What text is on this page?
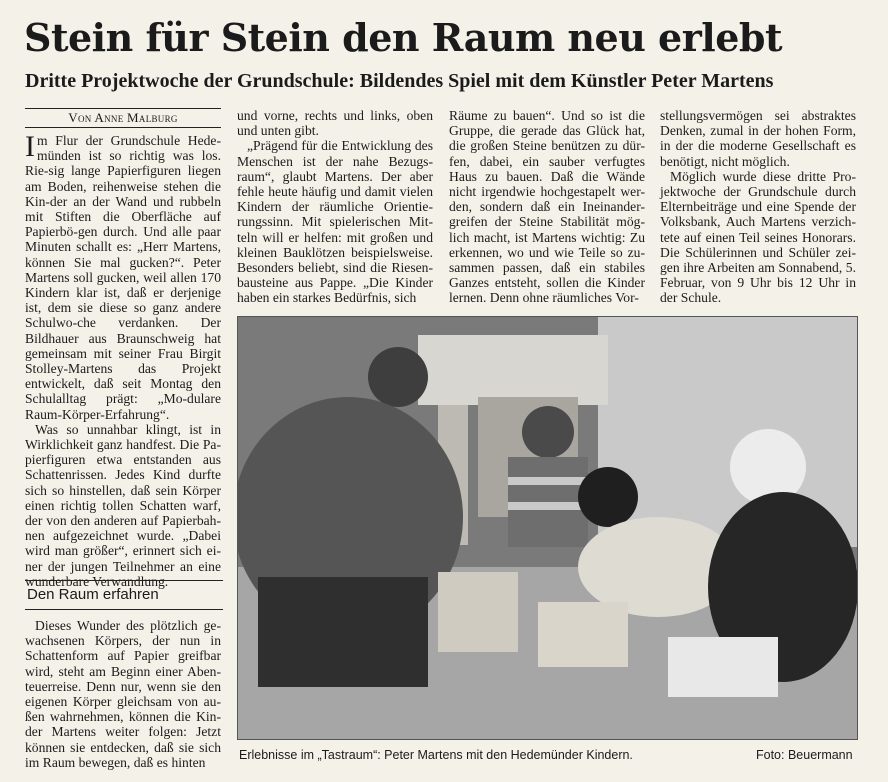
Stein für Stein den Raum neu erlebt
Dritte Projektwoche der Grundschule: Bildendes Spiel mit dem Künstler Peter Martens
Von Anne Malburg

Im Flur der Grundschule Hede-münden ist so richtig was los. Rie-sig lange Papierfiguren liegen am Boden, reihenweise stehen die Kin-der an der Wand und rubbeln mit Stiften die Oberfläche auf Papierbö-gen durch. Und alle paar Minuten schallt es: „Herr Martens, können Sie mal gucken?“. Peter Martens soll gucken, weil allen 170 Kindern klar ist, daß er derjenige ist, dem sie diese so ganz andere Schulwo-che verdanken. Der Bildhauer aus Braunschweig hat gemeinsam mit seiner Frau Birgit Stolley-Martens das Projekt entwickelt, daß seit Montag den Schulalltag prägt: „Mo-dulare Raum-Körper-Erfahrung“.

Was so unnahbar klingt, ist in Wirklichkeit ganz handfest. Die Pa-pierfiguren etwa entstanden aus Schattenrissen. Jedes Kind durfte sich so hinstellen, daß sein Körper einen richtig tollen Schatten warf, der von den anderen auf Papierbah-nen aufgezeichnet wurde. „Dabei wird man größer“, erinnert sich ei-ner der jungen Teilnehmer an eine wunderbare Verwandlung.

Den Raum erfahren

Dieses Wunder des plötzlich ge-wachsenen Körpers, der nun in Schattenform auf Papier greifbar wird, steht am Beginn einer Aben-teuerreise. Denn nur, wenn sie den eigenen Körper gleichsam von au-ßen wahrnehmen, können die Kin-der Martens weiter folgen: Jetzt können sie entdecken, daß sie sich im Raum bewegen, daß es hinten

und vorne, rechts und links, oben und unten gibt.

„Prägend für die Entwicklung des Menschen ist der nahe Bezugs-raum“, glaubt Martens. Der aber fehle heute häufig und damit vielen Kindern der räumliche Orientie-rungssinn. Mit spielerischen Mit-teln will er helfen: mit großen und kleinen Bauklötzen beispielsweise. Besonders beliebt, sind die Riesen-bausteine aus Pappe. „Die Kinder haben ein starkes Bedürfnis, sich

Räume zu bauen“. Und so ist die Gruppe, die gerade das Glück hat, die großen Steine benützen zu dür-fen, dabei, ein sauber verfugtes Haus zu bauen. Daß die Wände nicht irgendwie hochgestapelt wer-den, sondern daß ein Ineinander-greifen der Steine Stabilität mög-lich macht, ist Martens wichtig: Zu erkennen, wo und wie Teile so zu-sammen passen, daß ein stabiles Ganzes entsteht, sollen die Kinder lernen. Denn ohne räumliches Vor-

stellungsvermögen sei abstraktes Denken, zumal in der hohen Form, in der die moderne Gesellschaft es benötigt, nicht möglich.

Möglich wurde diese dritte Pro-jektwoche der Grundschule durch Elternbeiträge und eine Spende der Volksbank, Auch Martens verzich-tete auf einen Teil seines Honorars. Die Schülerinnen und Schüler zei-gen ihre Arbeiten am Sonnabend, 5. Februar, von 9 Uhr bis 12 Uhr in der Schule.

Erlebnisse im „Tastraum“: Peter Martens mit den Hedemünder Kindern.	Foto: Beuermann
